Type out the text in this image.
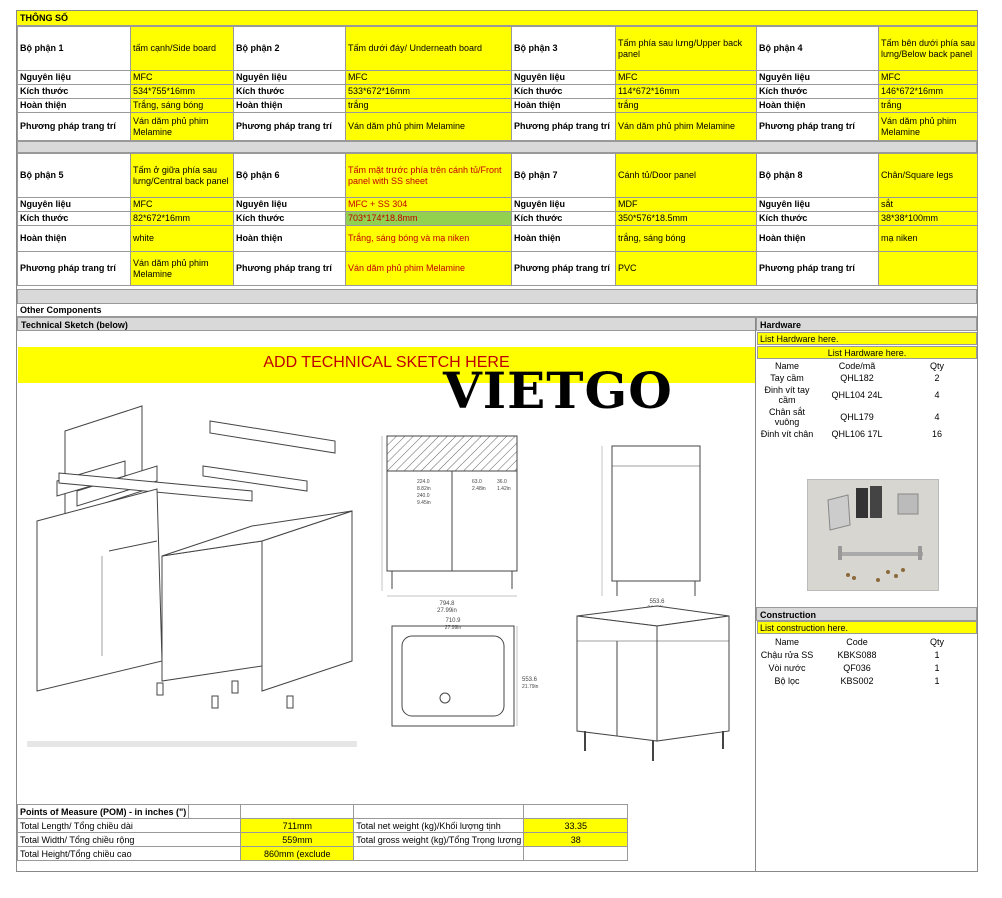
THÔNG SỐ
Bộ phận 1	tấm cạnh/Side board	Bộ phận 2	Tấm dưới đáy/ Underneath board	Bộ phận 3	Tấm phía sau lưng/Upper back panel	Bộ phận 4	Tấm bên dưới phía sau lưng/Below back panel
Nguyên liệu	MFC	Nguyên liệu	MFC	Nguyên liệu	MFC	Nguyên liệu	MFC
Kích thước	534*755*16mm	Kích thước	533*672*16mm	Kích thước	114*672*16mm	Kích thước	146*672*16mm
Hoàn thiện	Trắng, sáng bóng	Hoàn thiện	trắng	Hoàn thiện	trắng	Hoàn thiện	trắng
Phương pháp trang trí	Ván dăm phủ phim Melamine	Phương pháp trang trí	Ván dăm phủ phim Melamine	Phương pháp trang trí	Ván dăm phủ phim Melamine	Phương pháp trang trí	Ván dăm phủ phim Melamine
Bộ phận 5	Tấm ở giữa phía sau lưng/Central back panel	Bộ phận 6	Tấm mặt trước phía trên cánh tủ/Front panel with SS sheet	Bộ phận 7	Cánh tủ/Door panel	Bộ phận 8	Chân/Square legs
Nguyên liệu	MFC	Nguyên liệu	MFC + SS 304	Nguyên liệu	MDF	Nguyên liệu	sắt
Kích thước	82*672*16mm	Kích thước	703*174*18.8mm	Kích thước	350*576*18.5mm	Kích thước	38*38*100mm
Hoàn thiện	white	Hoàn thiện	Trắng, sáng bóng và mạ niken	Hoàn thiện	trắng, sáng bóng	Hoàn thiện	mạ niken
Phương pháp trang trí	Ván dăm phủ phim Melamine	Phương pháp trang trí	Ván dăm phủ phim Melamine	Phương pháp trang trí	PVC	Phương pháp trang trí	
Other Components
Technical Sketch (below)	Hardware
ADD TECHNICAL SKETCH HERE
794.8
27.99in
224.0
8.82in
240.0
9.45in
63.0
2.48in
36.0
1.42in
553.6
710.9
27.99in
553.6
21.79in
VIETGO
List Hardware here.
List Hardware here.
Name	Code/mã	Qty
Tay cầm	QHL182	2
Đinh vít tay cầm	QHL104 24L	4
Chân sắt vuông	QHL179	4
Đinh vít chân	QHL106 17L	16
Construction
List construction here.
Name	Code	Qty
Chậu rửa SS	KBKS088	1
Vòi nước	QF036	1
Bộ lọc	KBS002	1
Points of Measure (POM) - in inches (")				
Total Length/ Tổng chiều dài		711mm	Total net weight (kg)/Khối lượng tịnh	33.35
Total Width/ Tổng chiều rộng		559mm	Total gross weight (kg)/Tổng Trọng lượng	38
Total Height/Tổng chiều cao		860mm (exclude		
